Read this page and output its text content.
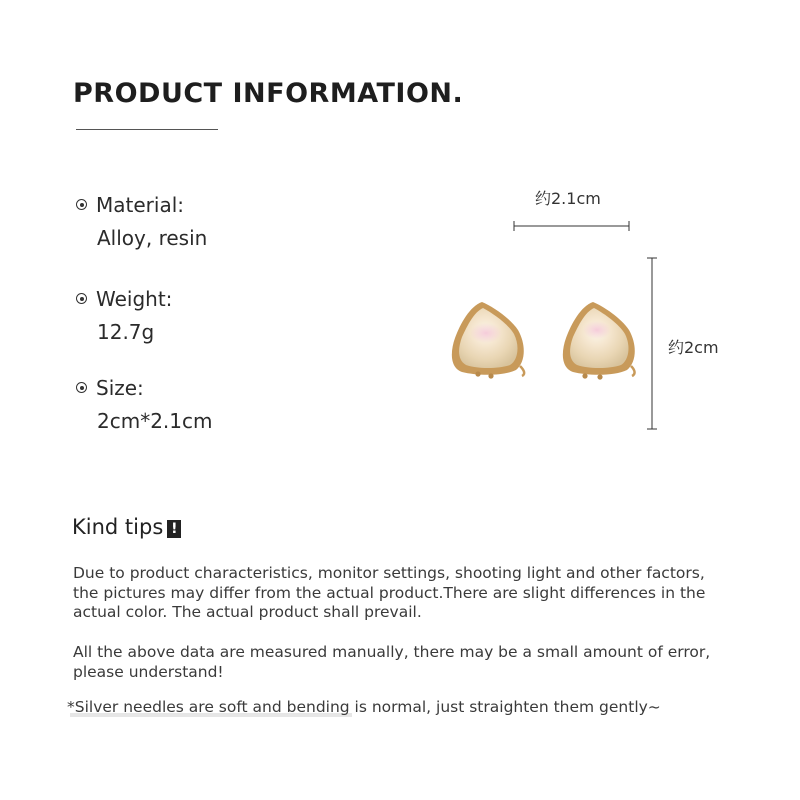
PRODUCT INFORMATION.
Material:
Alloy, resin
Weight:
12.7g
Size:
2cm*2.1cm
约2.1cm
约2cm
Kind tips !
Due to product characteristics, monitor settings, shooting light and other factors, the pictures may differ from the actual product.There are slight differences in the actual color. The actual product shall prevail.
All the above data are measured manually, there may be a small amount of error, please understand!
*Silver needles are soft and bending is normal, just straighten them gently~
